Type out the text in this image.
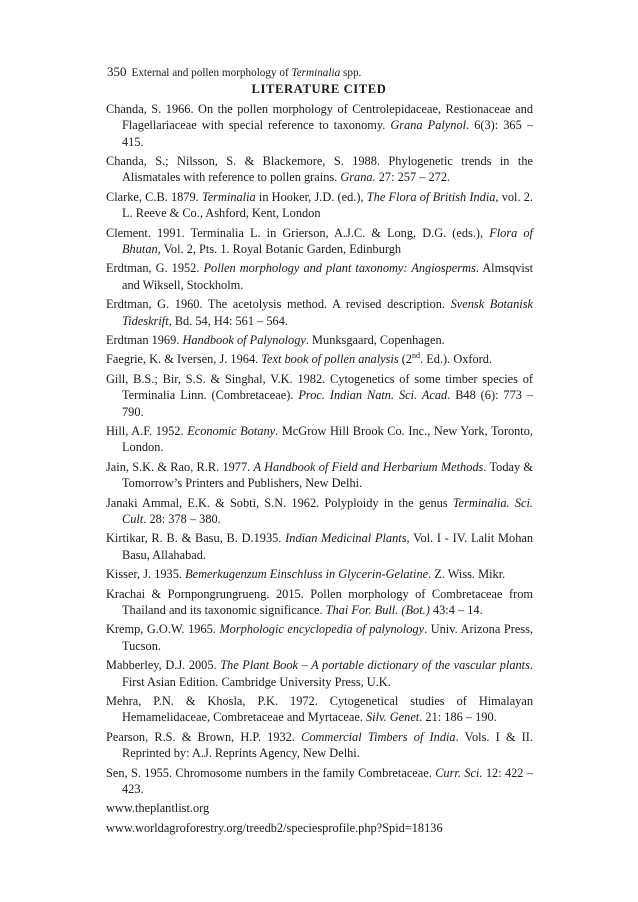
350 External and pollen morphology of Terminalia spp.
LITERATURE CITED
Chanda, S. 1966. On the pollen morphology of Centrolepidaceae, Restionaceae and Flagellariaceae with special reference to taxonomy. Grana Palynol. 6(3): 365 – 415.
Chanda, S.; Nilsson, S. & Blackemore, S. 1988. Phylogenetic trends in the Alismatales with reference to pollen grains. Grana. 27: 257 – 272.
Clarke, C.B. 1879. Terminalia in Hooker, J.D. (ed.), The Flora of British India, vol. 2. L. Reeve & Co., Ashford, Kent, London
Clement. 1991. Terminalia L. in Grierson, A.J.C. & Long, D.G. (eds.), Flora of Bhutan, Vol. 2, Pts. 1. Royal Botanic Garden, Edinburgh
Erdtman, G. 1952. Pollen morphology and plant taxonomy: Angiosperms. Almsqvist and Wiksell, Stockholm.
Erdtman, G. 1960. The acetolysis method. A revised description. Svensk Botanisk Tideskrift, Bd. 54, H4: 561 – 564.
Erdtman 1969. Handbook of Palynology. Munksgaard, Copenhagen.
Faegrie, K. & Iversen, J. 1964. Text book of pollen analysis (2nd. Ed.). Oxford.
Gill, B.S.; Bir, S.S. & Singhal, V.K. 1982. Cytogenetics of some timber species of Terminalia Linn. (Combretaceae). Proc. Indian Natn. Sci. Acad. B48 (6): 773 – 790.
Hill, A.F. 1952. Economic Botany. McGrow Hill Brook Co. Inc., New York, Toronto, London.
Jain, S.K. & Rao, R.R. 1977. A Handbook of Field and Herbarium Methods. Today & Tomorrow’s Printers and Publishers, New Delhi.
Janaki Ammal, E.K. & Sobti, S.N. 1962. Polyploidy in the genus Terminalia. Sci. Cult. 28: 378 – 380.
Kirtikar, R. B. & Basu, B. D.1935. Indian Medicinal Plants, Vol. I - IV. Lalit Mohan Basu, Allahabad.
Kisser, J. 1935. Bemerkugenzum Einschluss in Glycerin-Gelatine. Z. Wiss. Mikr.
Krachai & Pornpongrungrueng. 2015. Pollen morphology of Combretaceae from Thailand and its taxonomic significance. Thai For. Bull. (Bot.) 43:4 – 14.
Kremp, G.O.W. 1965. Morphologic encyclopedia of palynology. Univ. Arizona Press, Tucson.
Mabberley, D.J. 2005. The Plant Book – A portable dictionary of the vascular plants. First Asian Edition. Cambridge University Press, U.K.
Mehra, P.N. & Khosla, P.K. 1972. Cytogenetical studies of Himalayan Hemamelidaceae, Combretaceae and Myrtaceae. Silv. Genet. 21: 186 – 190.
Pearson, R.S. & Brown, H.P. 1932. Commercial Timbers of India. Vols. I & II. Reprinted by: A.J. Reprints Agency, New Delhi.
Sen, S. 1955. Chromosome numbers in the family Combretaceae. Curr. Sci. 12: 422 – 423.
www.theplantlist.org
www.worldagroforestry.org/treedb2/speciesprofile.php?Spid=18136
